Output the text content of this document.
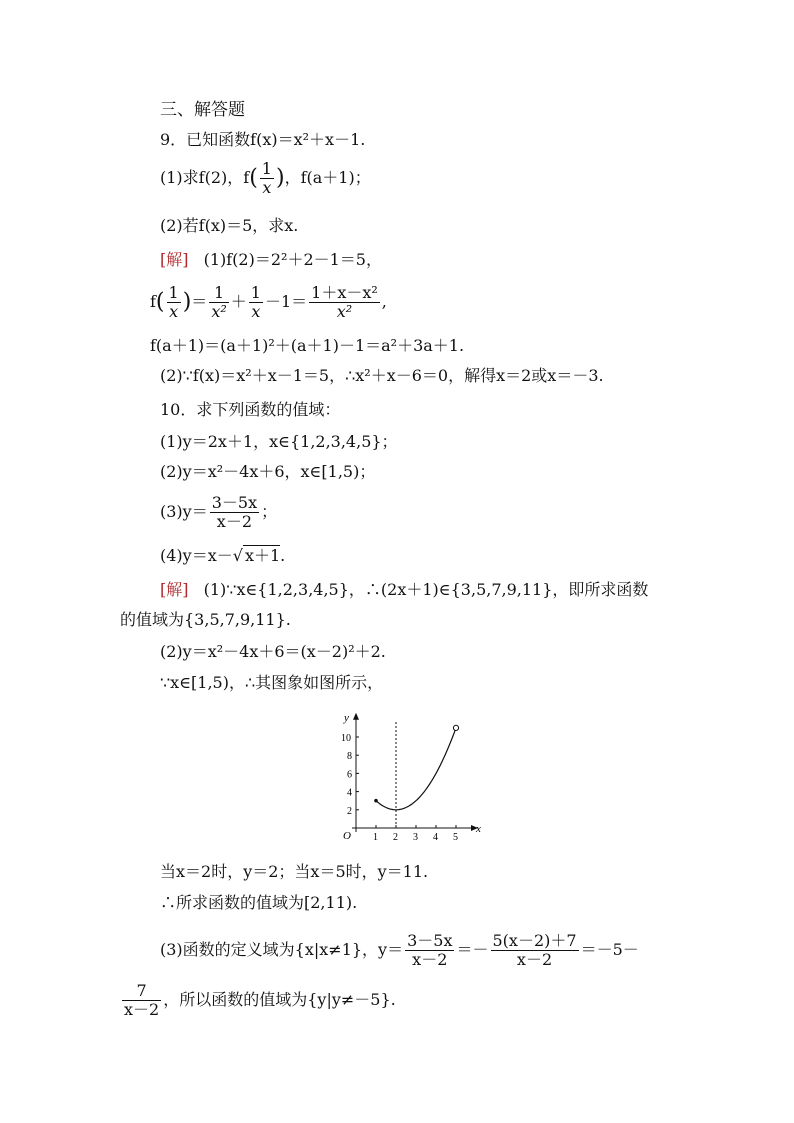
三、解答题
9．已知函数f(x)＝x²＋x－1.
(1)求f(2)，$f( \frac{1}{x}$ )，f(a＋1)；
(2)若f(x)＝5，求x.
[解] (1)f(2)＝2²＋2－1＝5，
$f( \frac{1}{x}$ )＝ $\frac{1}{\text{x²}} + \frac{1}{x} -1= \frac{\text{1＋x－x²}}{\text{x²}}$ ,
f(a＋1)＝(a＋1)²＋(a＋1)－1＝a²＋3a＋1.
(2)∵f(x)＝x²＋x－1＝5，∴x²＋x－6＝0，解得x＝2或x＝－3.
10．求下列函数的值域：
(1)y＝2x＋1，x∈{1,2,3,4,5}；
(2)y＝x²－4x＋6，x∈[1,5)；
$(3)y= \frac{3-5x}{x-2}$ ；
(4)y＝x－√ x＋1.
[解] (1)∵x∈{1,2,3,4,5}，∴(2x＋1)∈{3,5,7,9,11}，即所求函数
的值域为{3,5,7,9,11}.
(2)y＝x²－4x＋6＝(x－2)²＋2.
∵x∈[1,5)，∴其图象如图所示，
x
y
O 1 2 3 4 5
2
4
6
8
10
当x＝2时，y＝2；当x＝5时，y＝11.
∴所求函数的值域为[2,11).
(3)函数的定义域为{x|x≠1}，$y= \frac{3-5x}{x-2} =- \frac{5(x-2)+7}{x-2} =-5-$
$\frac{7}{x-2}$ ，所以函数的值域为{y|y≠－5}.
